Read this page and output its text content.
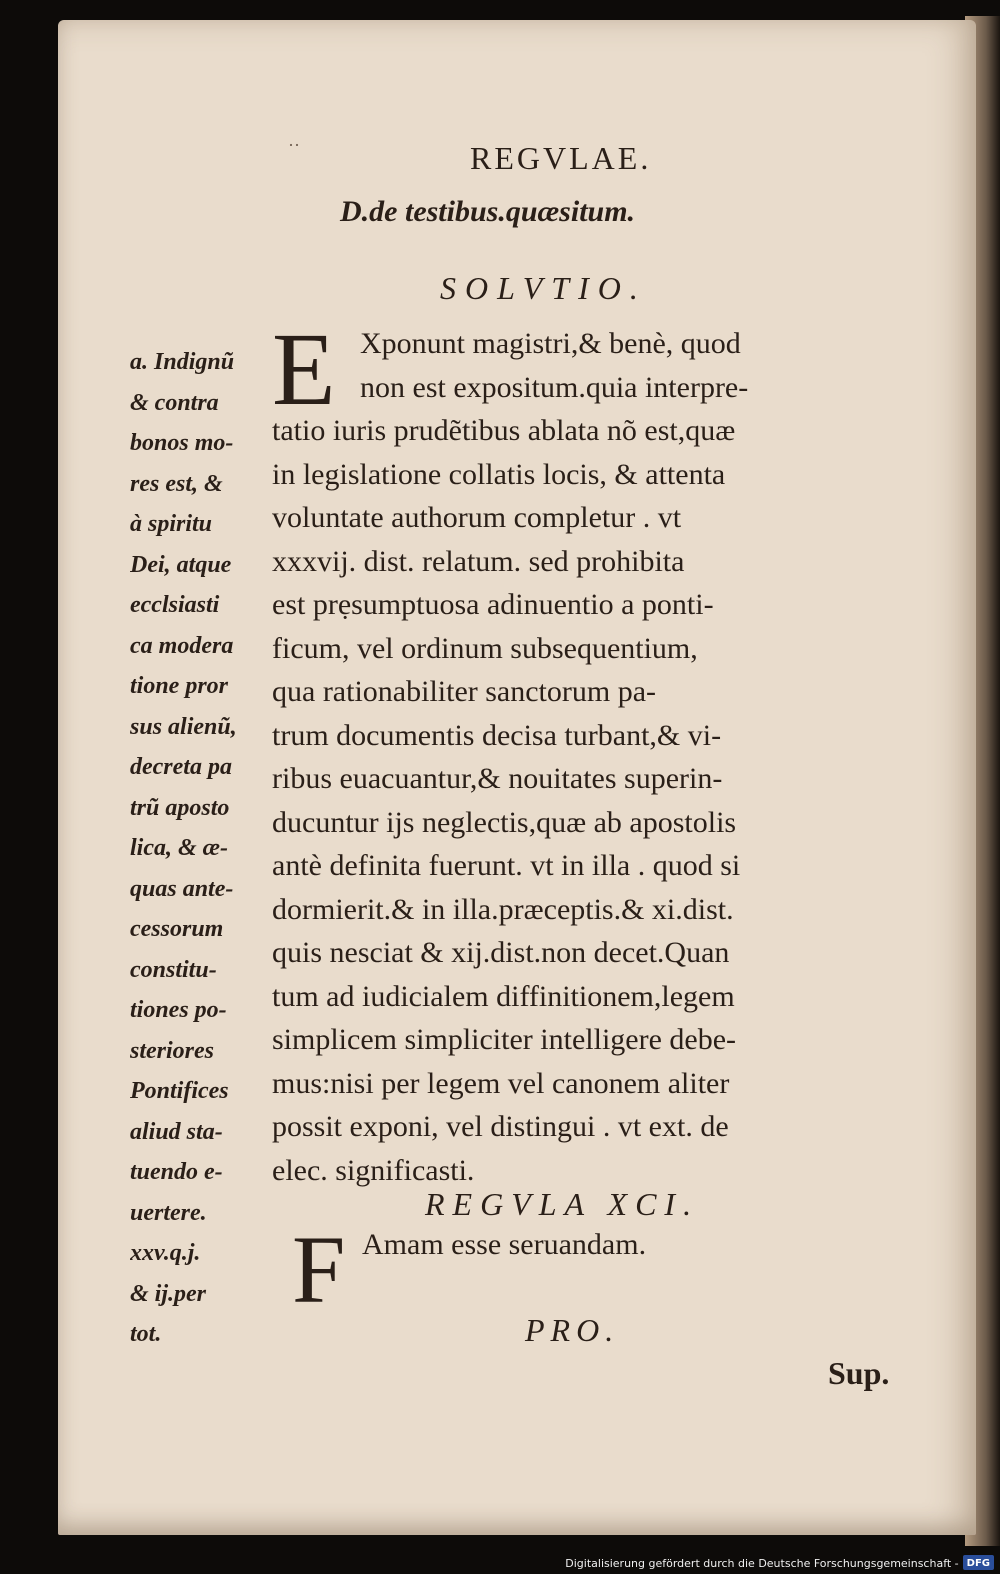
··	REGVLAE.
D.de testibus.quæsitum.
SOLVTIO.
E Xponunt magistri,& benè, quod
non est expositum.quia interpre-
tatio iuris prudẽtibus ablata nõ est,quæ
in legislatione collatis locis, & attenta
voluntate authorum completur . vt
xxxvij. dist. relatum. sed prohibita
est prẹsumptuosa adinuentio a ponti-
ficum, vel ordinum subsequentium,
qua rationabiliter sanctorum pa-
trum documentis decisa turbant,& vi-
ribus euacuantur,& nouitates superin-
ducuntur ijs neglectis,quæ ab apostolis
antè definita fuerunt. vt in illa . quod si
dormierit.& in illa.præceptis.& xi.dist.
quis nesciat & xij.dist.non decet.Quan
tum ad iudicialem diffinitionem,legem
simplicem simpliciter intelligere debe-
mus:nisi per legem vel canonem aliter
possit exponi, vel distingui . vt ext. de
elec. significasti.
a. Indignũ
& contra
bonos mo-
res est, &
à spiritu
Dei, atque
ecclsiasti
ca modera
tione pror
sus alienũ,
decreta pa
trũ aposto
lica, & æ-
quas ante-
cessorum
constitu-
tiones po-
steriores
Pontifices
aliud sta-
tuendo e-
uertere.
xxv.q.j.
& ij.per
tot.
REGVLA XCI.
F Amam esse seruandam.
PRO.
Sup.
Digitalisierung gefördert durch die Deutsche Forschungsgemeinschaft - DFG
